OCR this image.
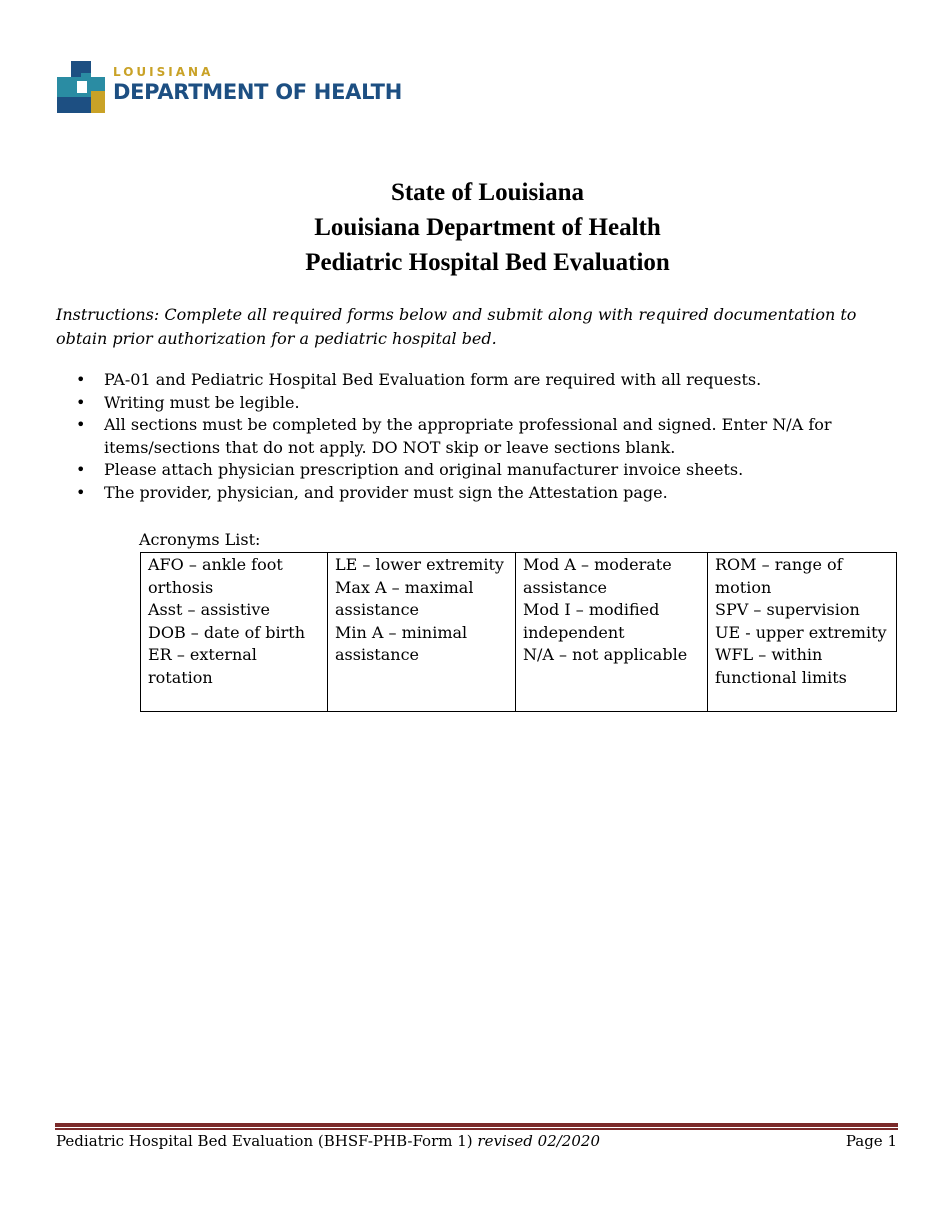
LOUISIANA
DEPARTMENT OF HEALTH
State of Louisiana
Louisiana Department of Health
Pediatric Hospital Bed Evaluation
Instructions: Complete all required forms below and submit along with required documentation to obtain prior authorization for a pediatric hospital bed.
• PA-01 and Pediatric Hospital Bed Evaluation form are required with all requests.
• Writing must be legible.
• All sections must be completed by the appropriate professional and signed. Enter N/A for items/sections that do not apply. DO NOT skip or leave sections blank.
• Please attach physician prescription and original manufacturer invoice sheets.
• The provider, physician, and provider must sign the Attestation page.
Acronyms List:
AFO – ankle foot orthosis
Asst – assistive
DOB – date of birth
ER – external rotation
LE – lower extremity
Max A – maximal assistance
Min A – minimal assistance
Mod A – moderate assistance
Mod I – modified independent
N/A – not applicable
ROM – range of motion
SPV – supervision
UE - upper extremity
WFL – within functional limits
Pediatric Hospital Bed Evaluation (BHSF-PHB-Form 1) revised 02/2020	Page 1
